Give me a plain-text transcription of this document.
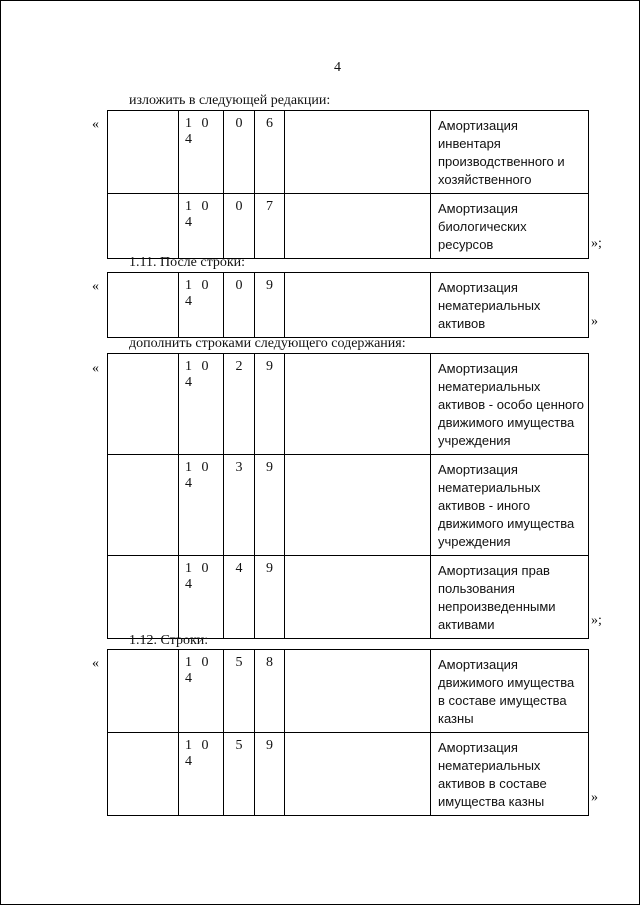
4
изложить в следующей редакции:
«
		1 0 4	0	6		Амортизация инвентаря производственного и хозяйственного
	1 0 4	0	7		Амортизация биологических ресурсов	»;
1.11. После строки:
«
		1 0 4	0	9		Амортизация нематериальных активов	»
дополнить строками следующего содержания:
«
		1 0 4	2	9		Амортизация нематериальных активов - особо ценного движимого имущества учреждения
	1 0 4	3	9		Амортизация нематериальных активов - иного движимого имущества учреждения
	1 0 4	4	9		Амортизация прав пользования непроизведенными активами	»;
1.12. Строки:
«
		1 0 4	5	8		Амортизация движимого имущества в составе имущества казны
	1 0 4	5	9		Амортизация нематериальных активов в составе имущества казны	»
